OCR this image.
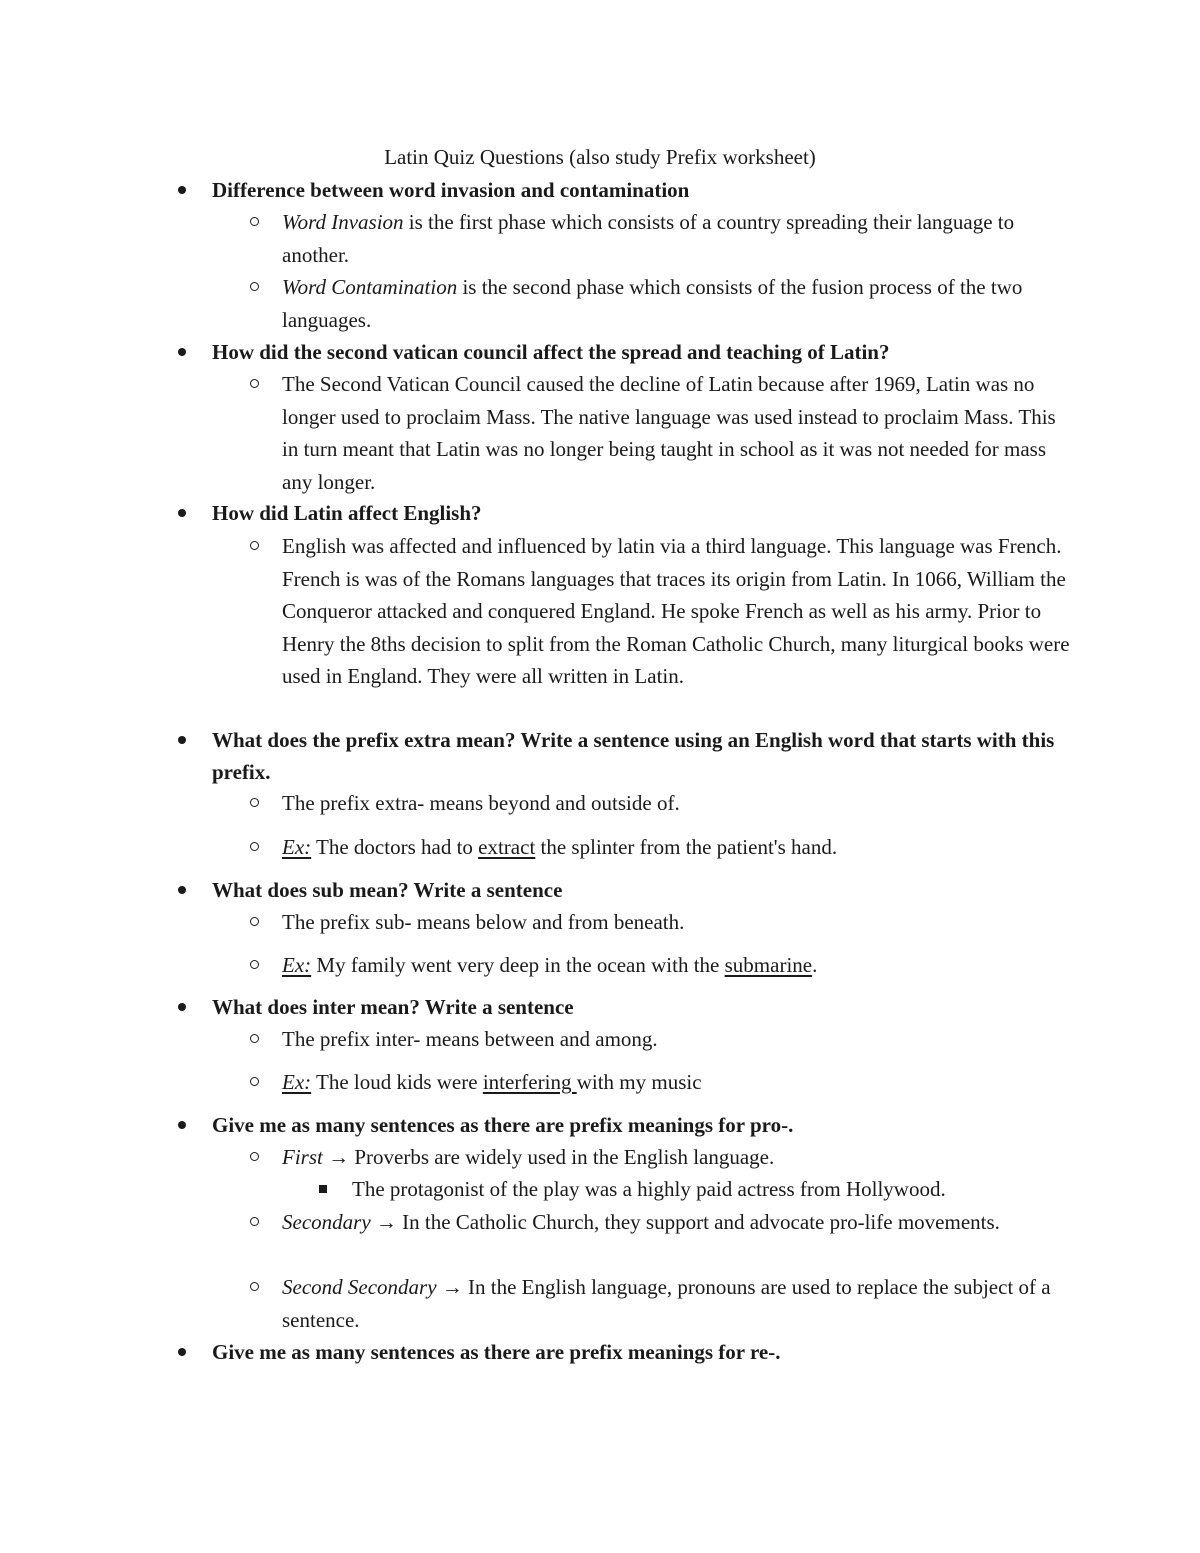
Latin Quiz Questions (also study Prefix worksheet)
Difference between word invasion and contamination
Word Invasion is the first phase which consists of a country spreading their language to another.
Word Contamination is the second phase which consists of the fusion process of the two languages.
How did the second vatican council affect the spread and teaching of Latin?
The Second Vatican Council caused the decline of Latin because after 1969, Latin was no longer used to proclaim Mass. The native language was used instead to proclaim Mass. This in turn meant that Latin was no longer being taught in school as it was not needed for mass any longer.
How did Latin affect English?
English was affected and influenced by latin via a third language. This language was French. French is was of the Romans languages that traces its origin from Latin. In 1066, William the Conqueror attacked and conquered England. He spoke French as well as his army. Prior to Henry the 8ths decision to split from the Roman Catholic Church, many liturgical books were used in England. They were all written in Latin.
What does the prefix extra mean? Write a sentence using an English word that starts with this prefix.
The prefix extra- means beyond and outside of.
Ex: The doctors had to extract the splinter from the patient's hand.
What does sub mean? Write a sentence
The prefix sub- means below and from beneath.
Ex: My family went very deep in the ocean with the submarine.
What does inter mean? Write a sentence
The prefix inter- means between and among.
Ex: The loud kids were interfering with my music
Give me as many sentences as there are prefix meanings for pro-.
First → Proverbs are widely used in the English language.
The protagonist of the play was a highly paid actress from Hollywood.
Secondary → In the Catholic Church, they support and advocate pro-life movements.
Second Secondary → In the English language, pronouns are used to replace the subject of a sentence.
Give me as many sentences as there are prefix meanings for re-.
